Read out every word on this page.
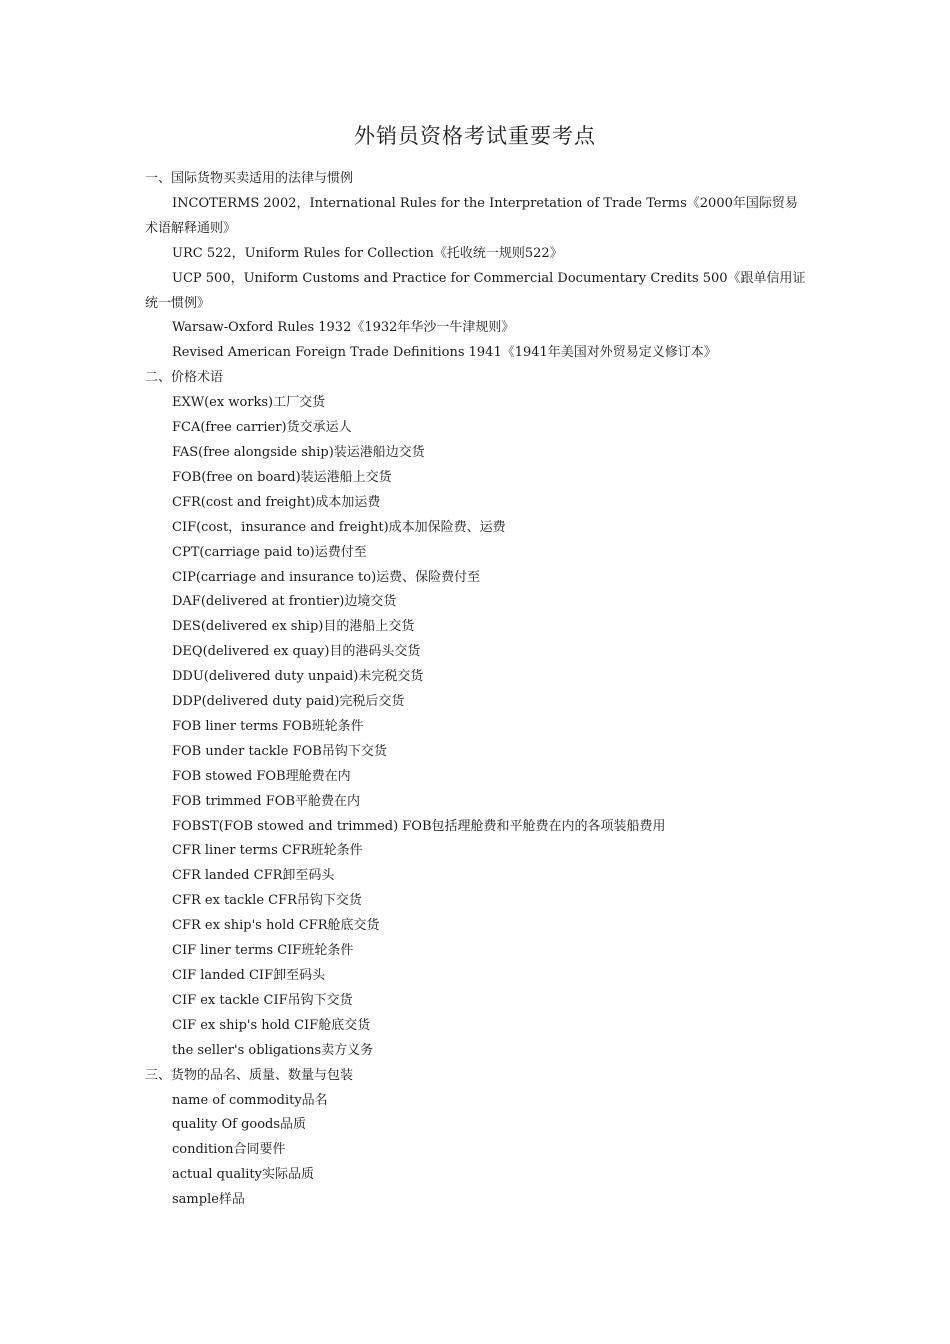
外销员资格考试重要考点
一、国际货物买卖适用的法律与惯例
INCOTERMS 2002，International Rules for the Interpretation of Trade Terms《2000年国际贸易术语解释通则》
URC 522，Uniform Rules for Collection《托收统一规则522》
UCP 500，Uniform Customs and Practice for Commercial Documentary Credits 500《跟单信用证统一惯例》
Warsaw-Oxford Rules 1932《1932年华沙一牛津规则》
Revised American Foreign Trade Definitions 1941《1941年美国对外贸易定义修订本》
二、价格术语
EXW(ex works)工厂交货
FCA(free carrier)货交承运人
FAS(free alongside ship)装运港船边交货
FOB(free on board)装运港船上交货
CFR(cost and freight)成本加运费
CIF(cost，insurance and freight)成本加保险费、运费
CPT(carriage paid to)运费付至
CIP(carriage and insurance to)运费、保险费付至
DAF(delivered at frontier)边境交货
DES(delivered ex ship)目的港船上交货
DEQ(delivered ex quay)目的港码头交货
DDU(delivered duty unpaid)未完税交货
DDP(delivered duty paid)完税后交货
FOB liner terms FOB班轮条件
FOB under tackle FOB吊钩下交货
FOB stowed FOB理舱费在内
FOB trimmed FOB平舱费在内
FOBST(FOB stowed and trimmed) FOB包括理舱费和平舱费在内的各项装船费用
CFR liner terms CFR班轮条件
CFR landed CFR卸至码头
CFR ex tackle CFR吊钩下交货
CFR ex ship's hold CFR舱底交货
CIF liner terms CIF班轮条件
CIF landed CIF卸至码头
CIF ex tackle CIF吊钩下交货
CIF ex ship's hold CIF舱底交货
the seller's obligations卖方义务
三、货物的品名、质量、数量与包装
name of commodity品名
quality Of goods品质
condition合同要件
actual quality实际品质
sample样品
